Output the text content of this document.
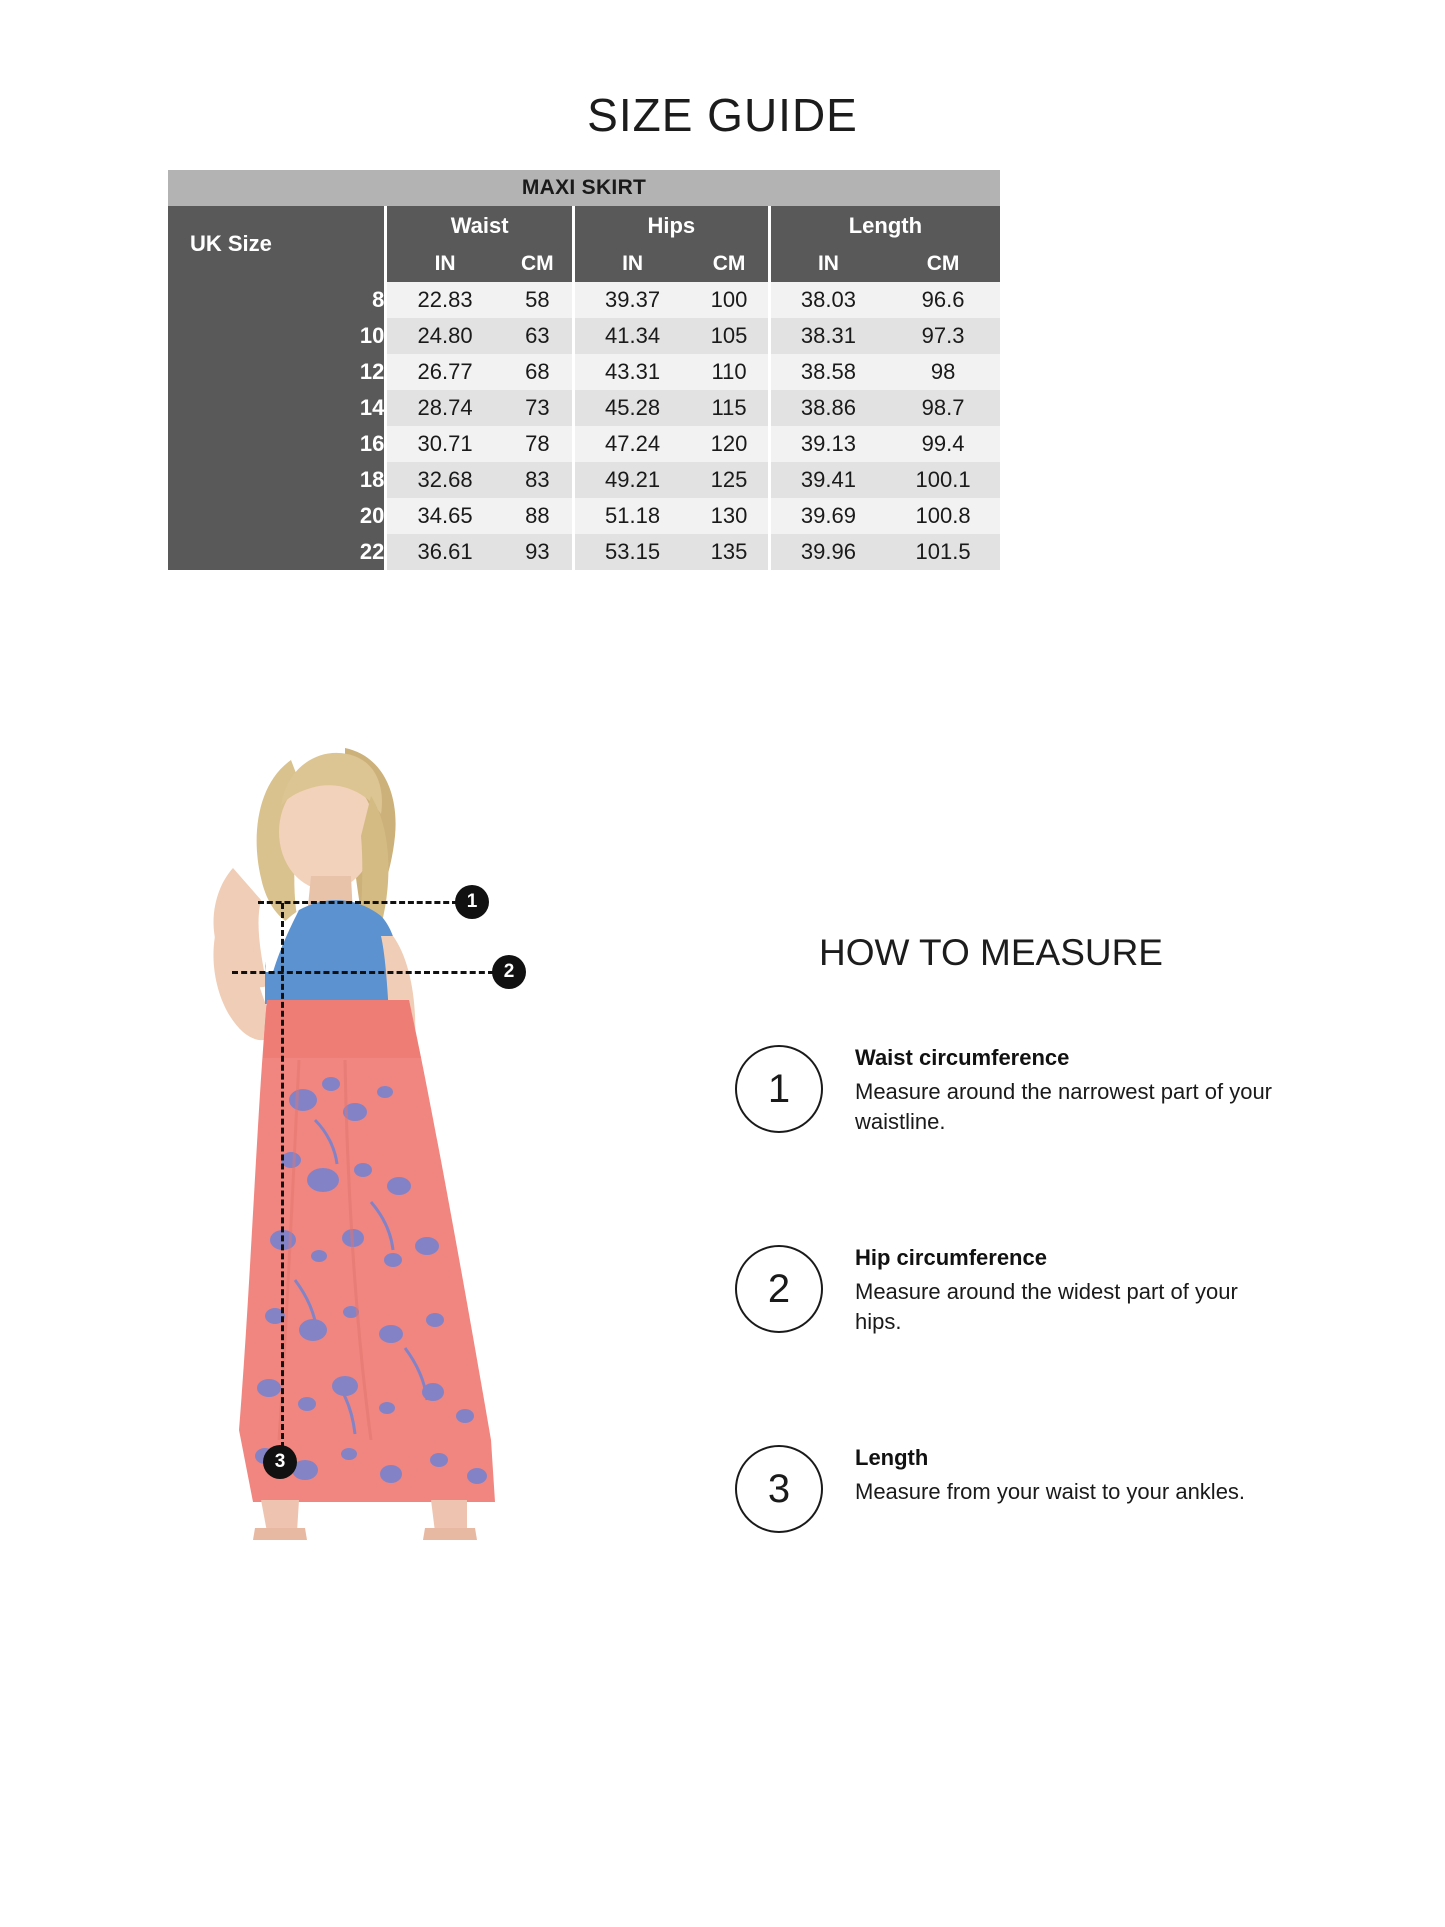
SIZE GUIDE
MAXI SKIRT						
UK Size	Waist		Hips		Length	
	IN	CM	IN	CM	IN	CM
8	22.83	58	39.37	100	38.03	96.6
10	24.80	63	41.34	105	38.31	97.3
12	26.77	68	43.31	110	38.58	98
14	28.74	73	45.28	115	38.86	98.7
16	30.71	78	47.24	120	39.13	99.4
18	32.68	83	49.21	125	39.41	100.1
20	34.65	88	51.18	130	39.69	100.8
22	36.61	93	53.15	135	39.96	101.5
1
2
3
HOW TO MEASURE
1
Waist circumference
Measure around the narrowest part of your waistline.
2
Hip circumference
Measure around the widest part of your hips.
3
Length
Measure from your waist to your ankles.
